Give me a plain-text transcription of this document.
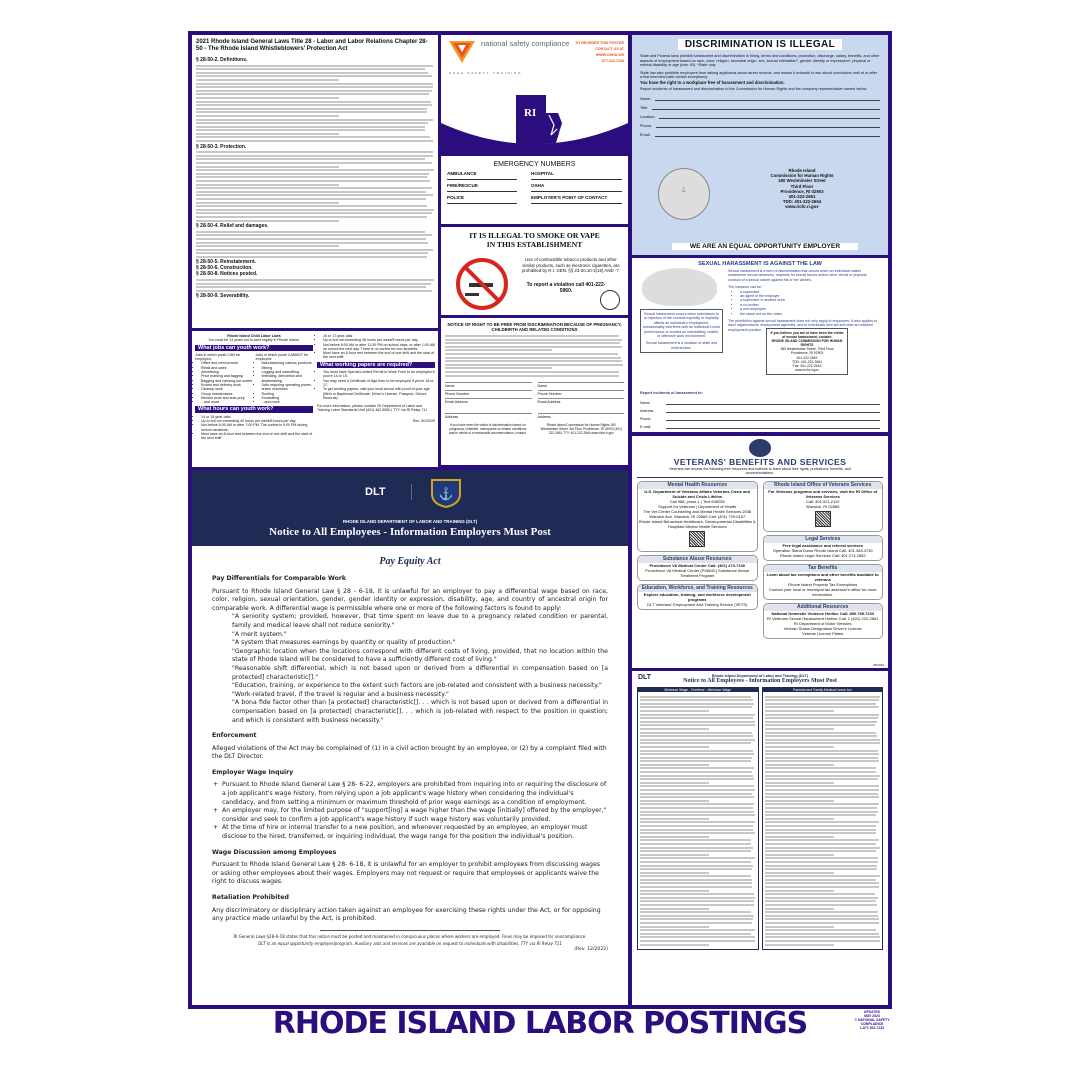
2021 Rhode Island General Laws Title 28 - Labor and Labor Relations Chapter 28-50 - The Rhode Island Whistleblowers' Protection Act
§ 28-50-2. Definitions.
§ 28-50-3. Protection.
§ 28-50-4. Relief and damages.
§ 28-50-5. Reinstatement.
§ 28-50-6. Construction.
§ 28-50-8. Notices posted.
§ 28-50-9. Severability.
Rhode Island Child Labor Laws
You must be 14 years old to work legally in Rhode Island.
What jobs can youth work?
Jobs in which youth CAN be employed:
• Office and clerical work
• Retail and sales
• Advertising
• Price marking and tagging
• Bagging and carrying-out orders
• Errand and delivery work
• Cleanup work
• Group maintenance
• Kitchen work and auto prep
• ...and more.
Jobs in which youth CANNOT be employed:
• Manufacturing various products
• Mining
• Logging and sawmilling
• Wrecking, demolition and shipbreaking
• Jobs requiring operating power-driven machines
• Roofing
• Excavating
• ...and more.
What hours can youth work?
• 14 or 15-year-olds:
• Up to but not exceeding 40 hours per week/8 hours per day.
• Not before 6:00 AM or after 7:00 PM. The curfew is 9:00 PM during school vacations.
• Must have an 8-hour rest between the end of one shift and the start of the next shift.
• 16 or 17-year-olds:
• Up to but not exceeding 48 hours per week/9 hours per day.
• Not before 6:00 AM or after 11:30 PM on school days, or after 1:00 AM on school the next day. There is no curfew for non-students.
• Must have an 8-hour rest between the end of one shift and the start of the next shift.
What working papers are required?
• You must have Special Limited Permit to Work Form to be employed if you're 14 or 15.
• You may need a Certificate of Age form to be employed if you're 16 or 17.
• To get working papers, visit your local school with proof of your age (Birth or Baptismal Certificate, Driver's License, Passport, School Records).
For more information, please contact: RI Department of Labor and Training Labor Standards Unit (401) 462-8550 | TTY via RI Relay 711
Rev. 5/1/2020
national safety compliance
OSHA SAFETY TRAINING
TO REORDER THIS POSTER
CONTACT US AT
WWW.OSHA.WS
877.922.7233
RI
EMERGENCY NUMBERS
AMBULANCE	HOSPITAL
FIRE/RESCUE	OSHA
POLICE	EMPLOYER'S POINT OF CONTACT
IT IS ILLEGAL TO SMOKE OR VAPE IN THIS ESTABLISHMENT
Use of combustible tobacco products and other similar products, such as electronic cigarettes, are prohibited by R.I. GEN. §§ 23-20.10-2(19) AND -7.
To report a violation call 401-222-5960.
NOTICE OF RIGHT TO BE FREE FROM DISCRIMINATION BECAUSE OF PREGNANCY, CHILDBIRTH AND RELATED CONDITIONS
Name	Name
Phone Number	Phone Number
Email Address	Email Address
Address	Address
If you have been the victim of discrimination based on pregnancy, childbirth, menopause or related conditions and/or denial of a reasonable accommodation, contact:
Rhode Island Commission for Human Rights 180 Westminster Street, 3rd Floor Providence, RI 02903 (401) 222-2661 TTY: 401-222-2664 www.richr.ri.gov
DISCRIMINATION IS ILLEGAL
State and Federal laws prohibit harassment and discrimination in hiring, terms and conditions, promotion, discharge, salary, benefits, and other aspects of employment based on race, color, religion, ancestral origin, sex, sexual orientation*, gender identity or expression*, physical or mental disability or age (over 40). *State only
State law also prohibits employers from asking applicants about arrest records, and makes it unlawful to ask about convictions until at or after a first interview (with certain exceptions).
You have the right to a workplace free of harassment and discrimination.
Report incidents of harassment and discrimination to the Commission for Human Rights and the company representative named below.
Name:
Title:
Location:
Phone:
Email:
⚓
Rhode Island
Commission for Human Rights
180 Westminster Street
Third Floor
Providence, RI 02903
401-222-2661
TDD: 401-222-2664
www.richr.ri.gov
WE ARE AN EQUAL OPPORTUNITY EMPLOYER
SEXUAL HARASSMENT IS AGAINST THE LAW
Sexual harassment is a form of discrimination that occurs when an individual makes unwelcome sexual advances, requests for sexual favors and/or other verbal or physical conduct of a sexual nature against his or her wishes.
The harasser can be:
• a supervisor
• an agent of the employer
• a supervisor in another area
• a co-worker
• a non-employee
• the same sex as the victim
The prohibition against sexual harassment does not only apply to employers. It also applies to labor organizations, employment agencies, and to individuals who aid and abet an unlawful employment practice.
Sexual harassment occurs when submission to or rejection of the conduct explicitly or implicitly affects an individual's employment, unreasonably interferes with an individual's work performance or creates an intimidating, hostile, or offensive work environment.
Sexual harassment is a violation of state and federal laws.
If you believe you are or have been the victim of sexual harassment, contact:
RHODE ISLAND COMMISSION FOR HUMAN RIGHTS
180 Westminster Street, Third Floor
Providence, RI 02903
401-222-2661
TDD: 401-222-2664
Fax: 401-222-2616
www.richr.ri.gov
Report incidents of harassment to:
Name:
Address:
Phone:
E-mail:
VETERANS' BENEFITS AND SERVICES
Veterans can access the following free resources and hotlines to learn about their rights, protections, benefits, and accommodations.
Mental Health Resources
U.S. Department of Veterans Affairs Veterans Crisis and Suicide and Crisis Lifeline
Call 988, press 1 | Text 838255
Support for Veterans | Department of Health
The Vet Center Counseling and Mental Health Services 2038 Warwick Ave, Warwick, RI 02889 Call: (401) 739-0167
Rhode Island Behavioral Healthcare, Developmental Disabilities & Hospitals Mental Health Services
Substance Abuse Resources
Providence VA Medical Center Call: (401) 273-7100
Providence VA Medical Center (PVAMC) Substance Abuse Treatment Program
Education, Workforce, and Training Resources
Explore education, training, and workforce development programs
DLT Veterans' Employment And Training Service (VETS)
Rhode Island Office of Veterans Services
For Veterans programs and services, visit the RI Office of Veterans Services
Call: 401.921.2119
Warwick, RI 02886
Legal Services
Free legal assistance and referral services
Operation Stand Down Rhode Island Call: 401.383.4730
Rhode Island Legal Services Call: 401.274.2652
Tax Benefits
Learn about tax exemptions and other benefits available to veterans
Rhode Island Property Tax Exemptions
Contact your local or municipal tax assessor's office for more information.
Additional Resources
National Domestic Violence Hotline Call: 800.799.7233
RI Veterans Sexual Harassment Hotline Call: 1 (401) 222-2661
RI Department of Motor Vehicles
Veteran Status Designation Driver's License
Veteran License Plates
05/2023
DLT	Rhode Island Department of Labor and Training (DLT)
Notice to All Employees - Information Employers Must Post
Minimum Wage - Overtime - Minimum Wage	Parental and Family Medical Leave Act
DLT	⚓
RHODE ISLAND DEPARTMENT OF LABOR AND TRAINING (DLT)
Notice to All Employees - Information Employers Must Post
Pay Equity Act
Pay Differentials for Comparable Work
Pursuant to Rhode Island General Law § 28 - 6-18, it is unlawful for an employer to pay a differential wage based on race, color, religion, sexual orientation, gender, gender identity or expression, disability, age, and country of ancestral origin for comparable work. A differential wage is permissible where one or more of the following factors is found to apply:
"A seniority system; provided, however, that time spent on leave due to a pregnancy related condition or parental, family and medical leave shall not reduce seniority."
"A merit system."
"A system that measures earnings by quantity or quality of production."
"Geographic location when the locations correspond with different costs of living, provided, that no location within the state of Rhode Island will be considered to have a sufficiently different cost of living."
"Reasonable shift differential, which is not based upon or derived from a differential in compensation based on [a protected] characteristic[]."
"Education, training, or experience to the extent such factors are job-related and consistent with a business necessity."
"Work-related travel, if the travel is regular and a business necessity."
"A bona fide factor other than [a protected] characteristic[]. . . which is not based upon or derived from a differential in compensation based on [a protected] characteristic[]. . . which is job-related with respect to the position in question; and which is consistent with business necessity."
Enforcement
Alleged violations of the Act may be complained of (1) in a civil action brought by an employee, or (2) by a complaint filed with the DLT Director.
Employer Wage Inquiry
+ Pursuant to Rhode Island General Law § 28- 6-22, employers are prohibited from inquiring into or requiring the disclosure of a job applicant's wage history, from relying upon a job applicant's wage history when considering the individual's candidacy, and from setting a minimum or maximum threshold of prior wage earnings as a condition of employment.
+ An employer may, for the limited purpose of "support[ing] a wage higher than the wage [initially] offered by the employer," consider and seek to confirm a job applicant's wage history if such wage history was voluntarily provided.
+ At the time of hire or internal transfer to a new position, and whenever requested by an employee, an employer must disclose to the hired, transferred, or inquiring individual, the wage range for the position the individual's position.
Wage Discussion among Employees
Pursuant to Rhode Island General Law § 28- 6-18, it is unlawful for an employer to prohibit employees from discussing wages or asking other employees about their wages. Employers may not request or require that employees or applicants waive the right to discuss wages.
Retaliation Prohibited
Any discriminatory or disciplinary action taken against an employee for exercising these rights under the Act, or for opposing any practice made unlawful by the Act, is prohibited.
RI General Laws §28-6-18 states that this notice must be posted and maintained in conspicuous places where workers are employed. Fines may be imposed for noncompliance.
DLT is an equal opportunity employer/program. Auxiliary aids and services are available on request to individuals with disabilities. TTY via RI Relay 711
(Rev. 12/2022)
RHODE ISLAND LABOR POSTINGS	UPDATED
MAY 2023
© NATIONAL SAFETY
COMPLIANCE
1-877-922-7233
